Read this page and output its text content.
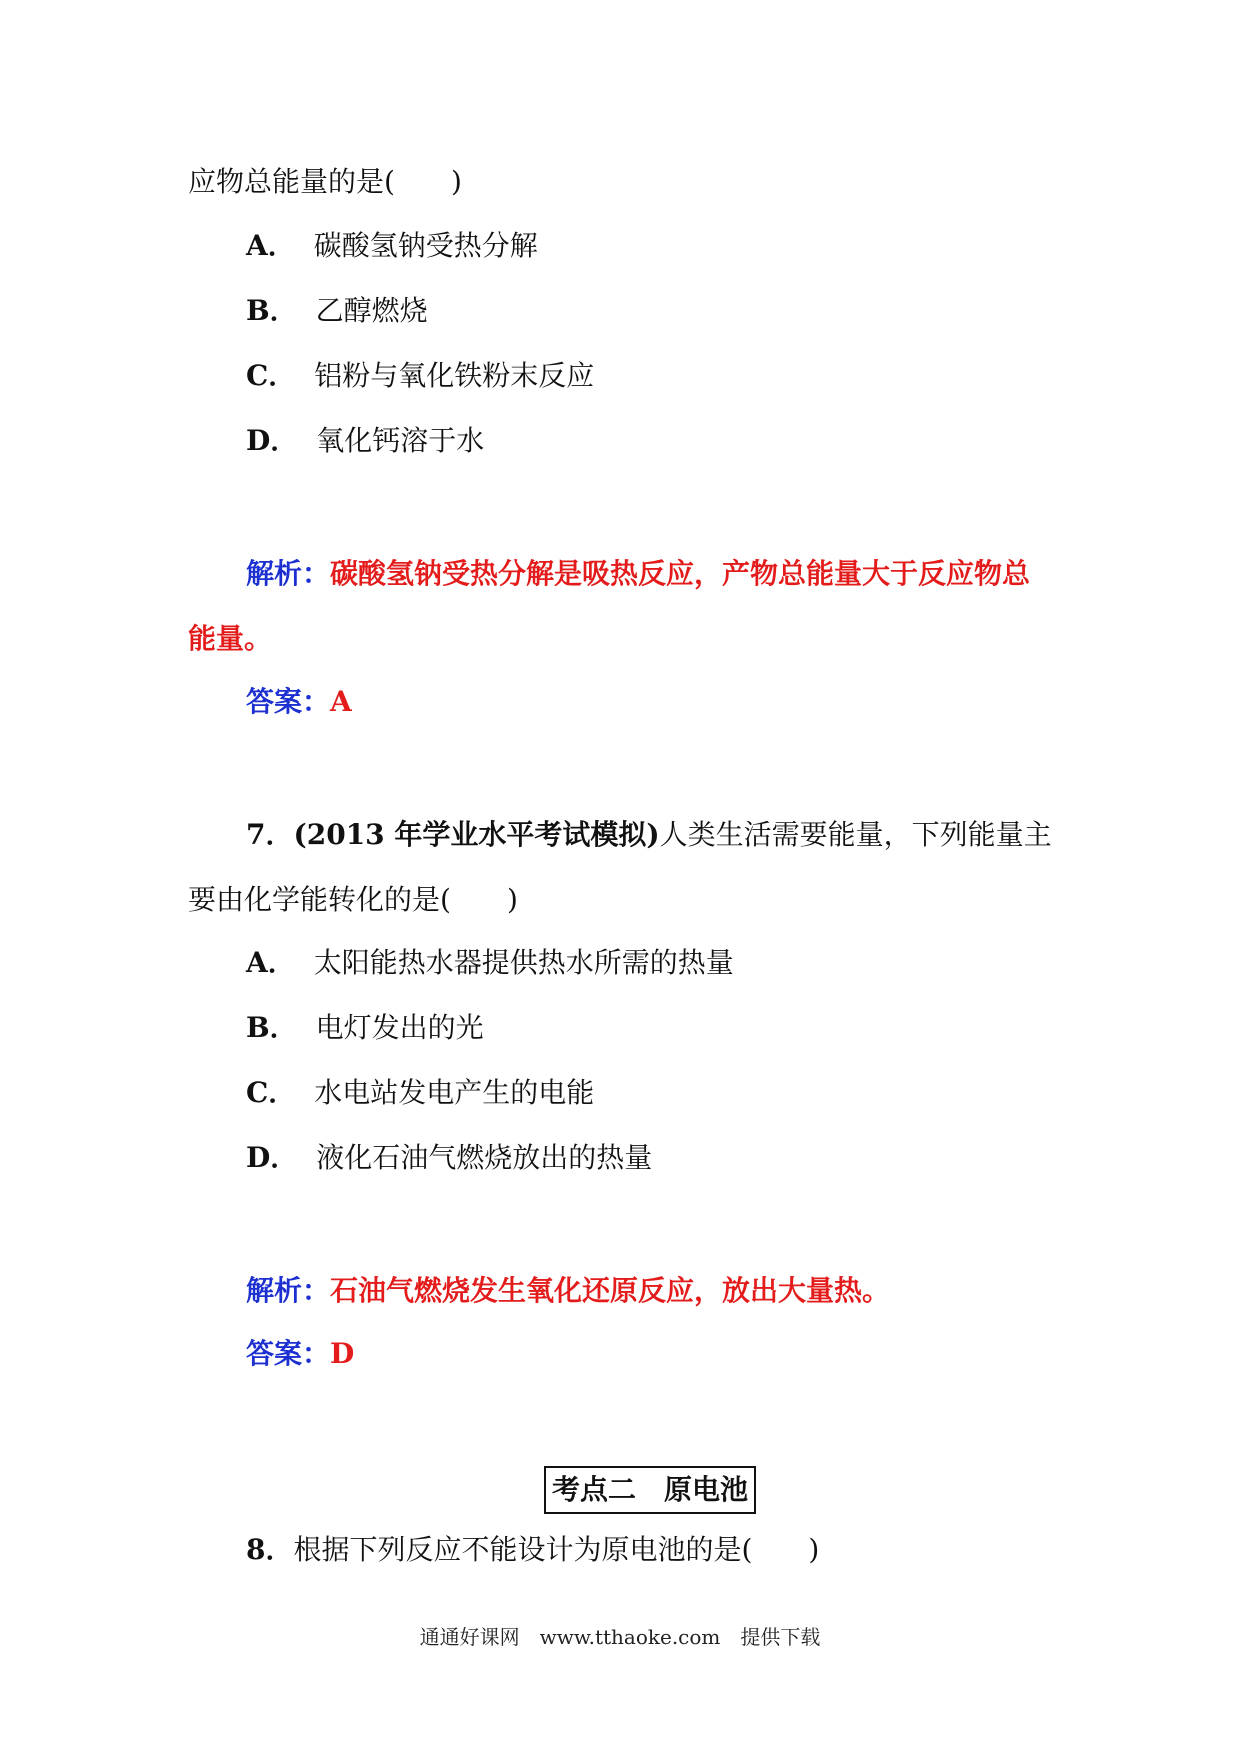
应物总能量的是(　　)
A． 碳酸氢钠受热分解
B． 乙醇燃烧
C． 铝粉与氧化铁粉末反应
D． 氧化钙溶于水
解析：碳酸氢钠受热分解是吸热反应，产物总能量大于反应物总
能量。
答案：A
7．(2013 年学业水平考试模拟)人类生活需要能量，下列能量主
要由化学能转化的是(　　)
A． 太阳能热水器提供热水所需的热量
B． 电灯发出的光
C． 水电站发电产生的电能
D． 液化石油气燃烧放出的热量
解析：石油气燃烧发生氧化还原反应，放出大量热。
答案：D
考点二　原电池
8．根据下列反应不能设计为原电池的是(　　)
通通好课网　www.tthaoke.com　提供下载
